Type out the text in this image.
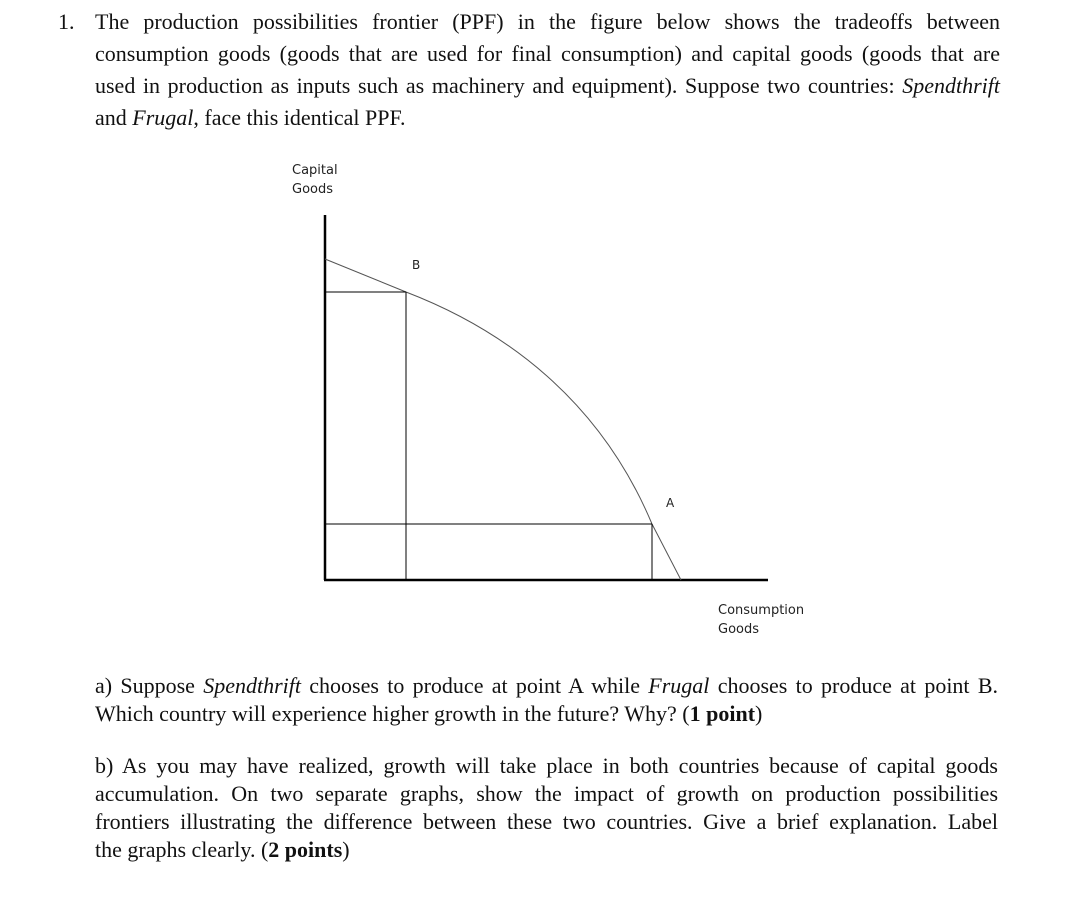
1. The production possibilities frontier (PPF) in the figure below shows the tradeoffs between
consumption goods (goods that are used for final consumption) and capital goods (goods that are
used in production as inputs such as machinery and equipment). Suppose two countries: Spendthrift
and Frugal, face this identical PPF.
B
A
Capital
Goods
Consumption
Goods
a) Suppose Spendthrift chooses to produce at point A while Frugal chooses to produce at point B.
Which country will experience higher growth in the future? Why? (1 point)
b) As you may have realized, growth will take place in both countries because of capital goods
accumulation. On two separate graphs, show the impact of growth on production possibilities
frontiers illustrating the difference between these two countries. Give a brief explanation. Label
the graphs clearly. (2 points)
